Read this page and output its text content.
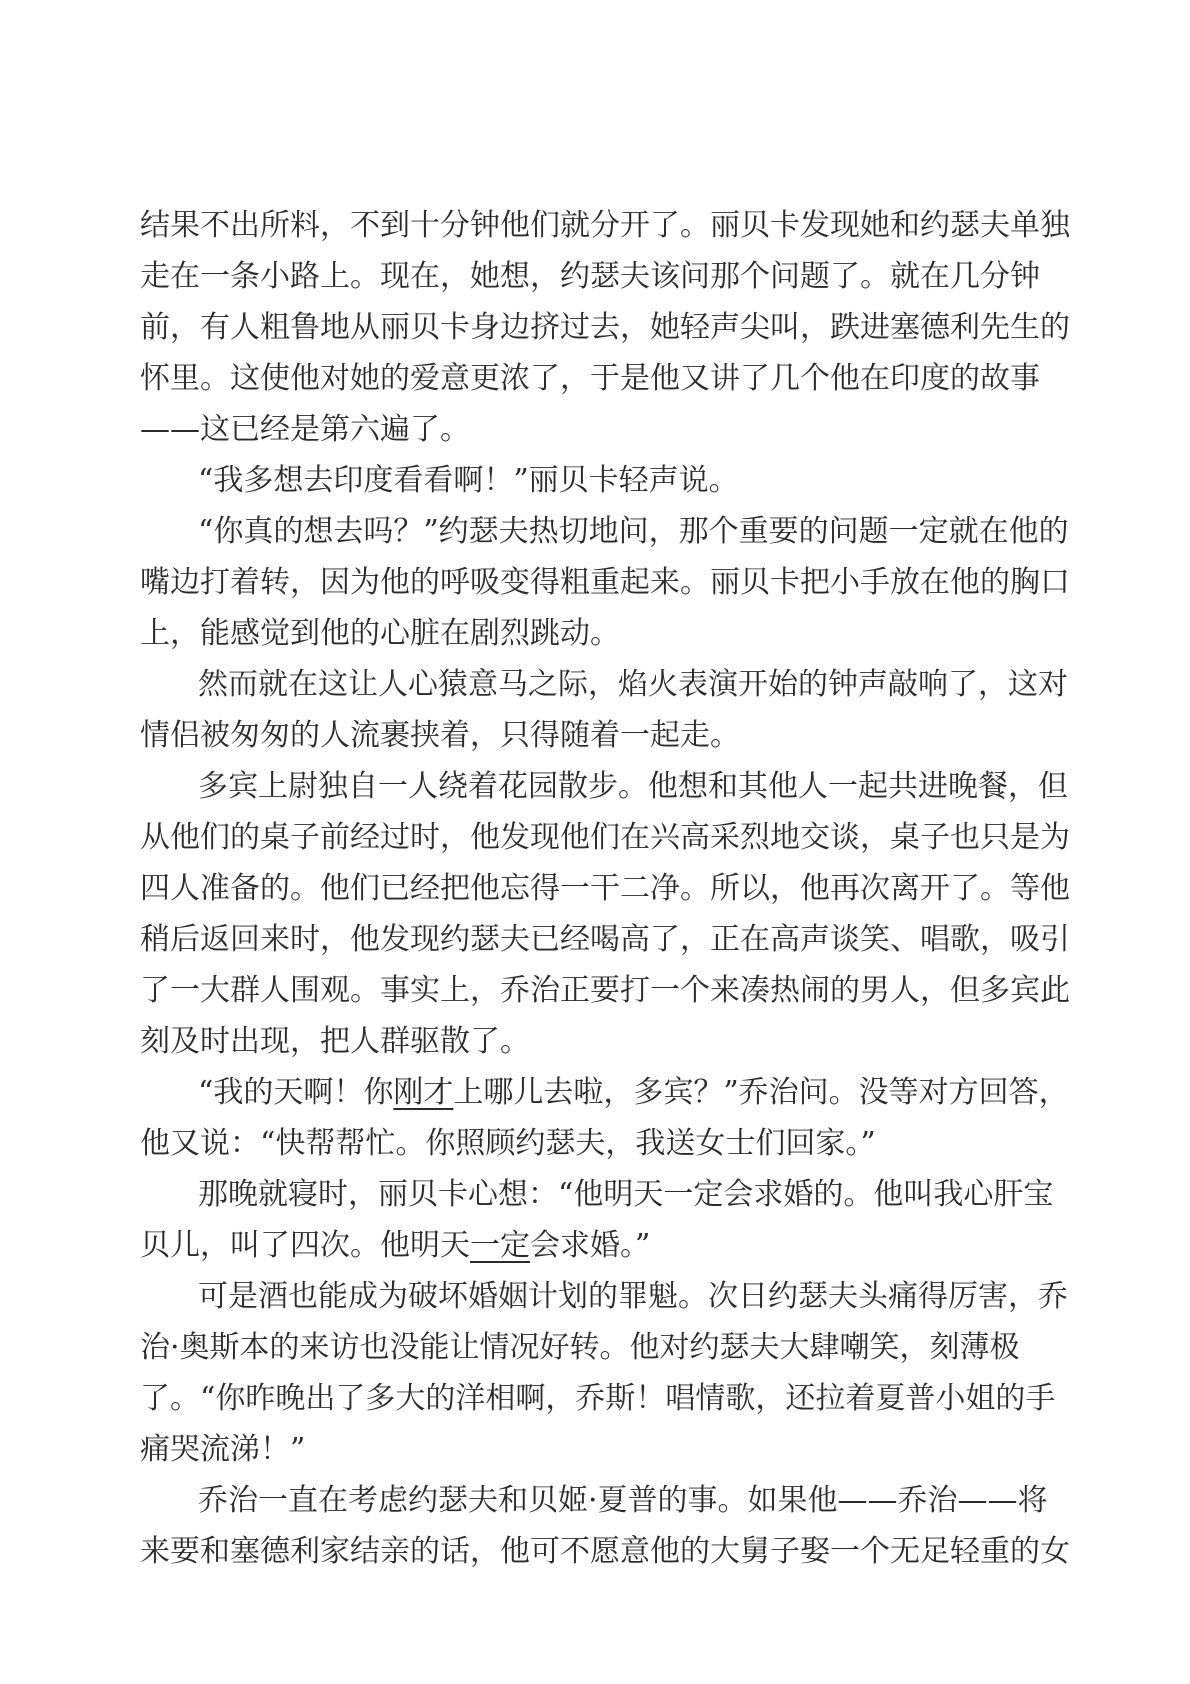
结果不出所料，不到十分钟他们就分开了。丽贝卡发现她和约瑟夫单独
走在一条小路上。现在，她想，约瑟夫该问那个问题了。就在几分钟
前，有人粗鲁地从丽贝卡身边挤过去，她轻声尖叫，跌进塞德利先生的
怀里。这使他对她的爱意更浓了，于是他又讲了几个他在印度的故事
——这已经是第六遍了。
“我多想去印度看看啊！”丽贝卡轻声说。
“你真的想去吗？”约瑟夫热切地问，那个重要的问题一定就在他的
嘴边打着转，因为他的呼吸变得粗重起来。丽贝卡把小手放在他的胸口
上，能感觉到他的心脏在剧烈跳动。
然而就在这让人心猿意马之际，焰火表演开始的钟声敲响了，这对
情侣被匆匆的人流裹挟着，只得随着一起走。
多宾上尉独自一人绕着花园散步。他想和其他人一起共进晚餐，但
从他们的桌子前经过时，他发现他们在兴高采烈地交谈，桌子也只是为
四人准备的。他们已经把他忘得一干二净。所以，他再次离开了。等他
稍后返回来时，他发现约瑟夫已经喝高了，正在高声谈笑、唱歌，吸引
了一大群人围观。事实上，乔治正要打一个来凑热闹的男人，但多宾此
刻及时出现，把人群驱散了。
“我的天啊！你刚才上哪儿去啦，多宾？”乔治问。没等对方回答，
他又说：“快帮帮忙。你照顾约瑟夫，我送女士们回家。”
那晚就寝时，丽贝卡心想：“他明天一定会求婚的。他叫我心肝宝
贝儿，叫了四次。他明天一定会求婚。”
可是酒也能成为破坏婚姻计划的罪魁。次日约瑟夫头痛得厉害，乔
治·奥斯本的来访也没能让情况好转。他对约瑟夫大肆嘲笑，刻薄极
了。“你昨晚出了多大的洋相啊，乔斯！唱情歌，还拉着夏普小姐的手
痛哭流涕！”
乔治一直在考虑约瑟夫和贝姬·夏普的事。如果他——乔治——将
来要和塞德利家结亲的话，他可不愿意他的大舅子娶一个无足轻重的女
